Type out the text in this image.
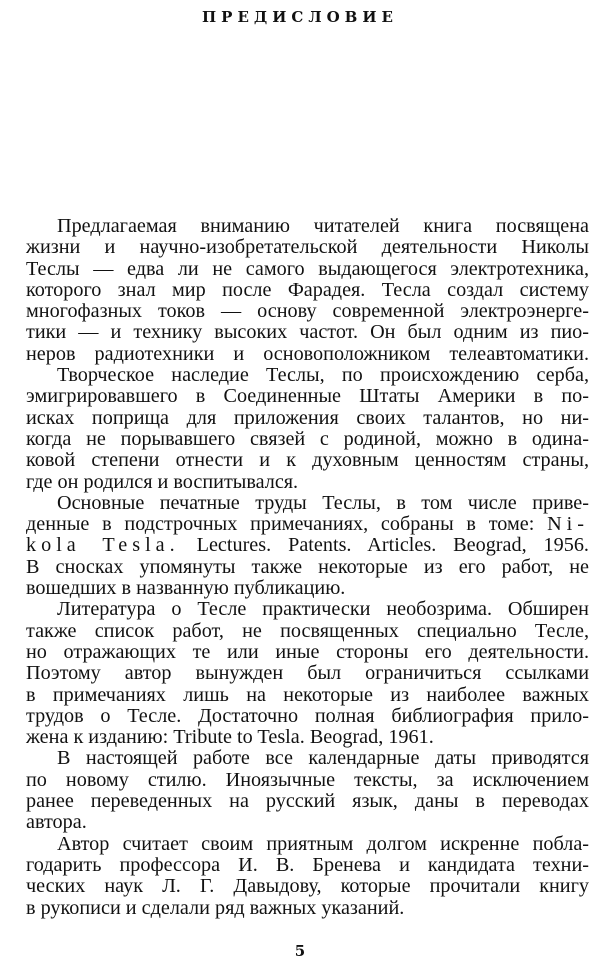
ПРЕДИСЛОВИЕ
Предлагаемая вниманию читателей книга посвящена
жизни и научно-изобретательской деятельности Николы
Теслы — едва ли не самого выдающегося электротехника,
которого знал мир после Фарадея. Тесла создал систему
многофазных токов — основу современной электроэнерге-
тики — и технику высоких частот. Он был одним из пио-
неров радиотехники и основоположником телеавтоматики.
Творческое наследие Теслы, по происхождению серба,
эмигрировавшего в Соединенные Штаты Америки в по-
исках поприща для приложения своих талантов, но ни-
когда не порывавшего связей с родиной, можно в одина-
ковой степени отнести и к духовным ценностям страны,
где он родился и воспитывался.
Основные печатные труды Теслы, в том числе приве-
денные в подстрочных примечаниях, собраны в томе: Ni-
kola Tesla. Lectures. Patents. Articles. Beograd, 1956.
В сносках упомянуты также некоторые из его работ, не
вошедших в названную публикацию.
Литература о Тесле практически необозрима. Обширен
также список работ, не посвященных специально Тесле,
но отражающих те или иные стороны его деятельности.
Поэтому автор вынужден был ограничиться ссылками
в примечаниях лишь на некоторые из наиболее важных
трудов о Тесле. Достаточно полная библиография прило-
жена к изданию: Tribute to Tesla. Beograd, 1961.
В настоящей работе все календарные даты приводятся
по новому стилю. Иноязычные тексты, за исключением
ранее переведенных на русский язык, даны в переводах
автора.
Автор считает своим приятным долгом искренне побла-
годарить профессора И. В. Бренева и кандидата техни-
ческих наук Л. Г. Давыдову, которые прочитали книгу
в рукописи и сделали ряд важных указаний.
5
